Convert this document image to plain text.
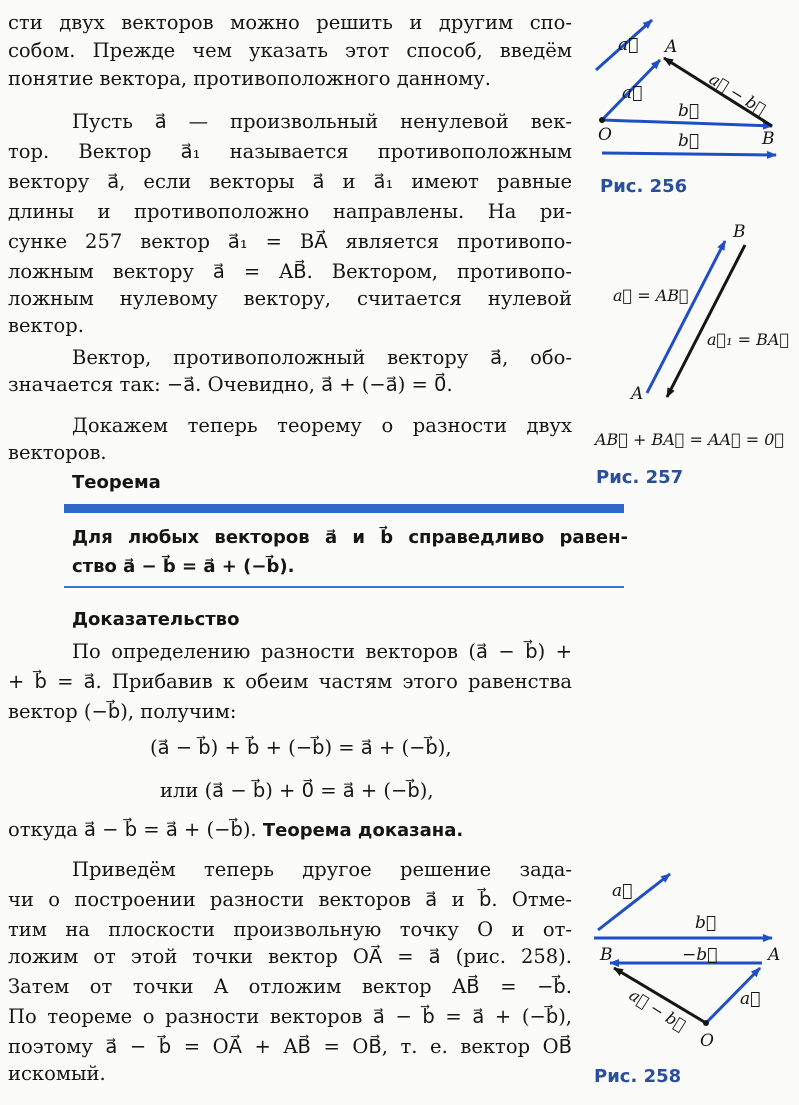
сти двух векторов можно решить и другим спо-
собом. Прежде чем указать этот способ, введём
понятие вектора, противоположного данному.
Пусть a⃗ — произвольный ненулевой век-
тор. Вектор a⃗₁ называется противоположным
вектору a⃗, если векторы a⃗ и a⃗₁ имеют равные
длины и противоположно направлены. На ри-
сунке 257 вектор a⃗₁ = BA⃗ является противопо-
ложным вектору a⃗ = AB⃗. Вектором, противопо-
ложным нулевому вектору, считается нулевой
вектор.
Вектор, противоположный вектору a⃗, обо-
значается так: −a⃗. Очевидно, a⃗ + (−a⃗) = 0⃗.
Докажем теперь теорему о разности двух
векторов.
Теорема
Для любых векторов a⃗ и b⃗ справедливо равен-
ство a⃗ − b⃗ = a⃗ + (−b⃗).
Доказательство
По определению разности векторов (a⃗ − b⃗) +
+ b⃗ = a⃗. Прибавив к обеим частям этого равенства
вектор (−b⃗), получим:
(a⃗ − b⃗) + b⃗ + (−b⃗) = a⃗ + (−b⃗),
или (a⃗ − b⃗) + 0⃗ = a⃗ + (−b⃗),
откуда a⃗ − b⃗ = a⃗ + (−b⃗). Теорема доказана.
Приведём теперь другое решение зада-
чи о построении разности векторов a⃗ и b⃗. Отме-
тим на плоскости произвольную точку O и от-
ложим от этой точки вектор OA⃗ = a⃗ (рис. 258).
Затем от точки A отложим вектор AB⃗ = −b⃗.
По теореме о разности векторов a⃗ − b⃗ = a⃗ + (−b⃗),
поэтому a⃗ − b⃗ = OA⃗ + AB⃗ = OB⃗, т. е. вектор OB⃗
искомый.
a⃗ A
a⃗	a⃗ − b⃗
O
b⃗
B
b⃗
Рис. 256
B
A
a⃗ = AB⃗
a⃗₁ = BA⃗
AB⃗ + BA⃗ = AA⃗ = 0⃗
Рис. 257
a⃗
b⃗
B	−b⃗	A
a⃗ − b⃗	a⃗
O
Рис. 258
